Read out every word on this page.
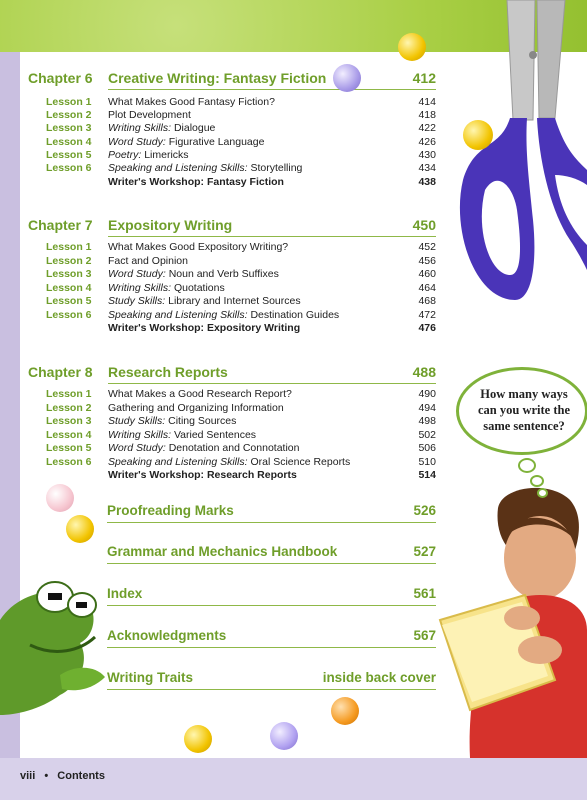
Chapter 6 Creative Writing: Fantasy Fiction	412
Lesson 1 What Makes Good Fantasy Fiction?	414
Lesson 2 Plot Development	418
Lesson 3 Writing Skills: Dialogue	422
Lesson 4 Word Study: Figurative Language	426
Lesson 5 Poetry: Limericks	430
Lesson 6 Speaking and Listening Skills: Storytelling	434
Writer's Workshop: Fantasy Fiction	438
Chapter 7 Expository Writing	450
Lesson 1 What Makes Good Expository Writing?	452
Lesson 2 Fact and Opinion	456
Lesson 3 Word Study: Noun and Verb Suffixes	460
Lesson 4 Writing Skills: Quotations	464
Lesson 5 Study Skills: Library and Internet Sources	468
Lesson 6 Speaking and Listening Skills: Destination Guides	472
Writer's Workshop: Expository Writing	476
Chapter 8 Research Reports	488
Lesson 1 What Makes a Good Research Report?	490
Lesson 2 Gathering and Organizing Information	494
Lesson 3 Study Skills: Citing Sources	498
Lesson 4 Writing Skills: Varied Sentences	502
Lesson 5 Word Study: Denotation and Connotation	506
Lesson 6 Speaking and Listening Skills: Oral Science Reports	510
Writer's Workshop: Research Reports	514
Proofreading Marks	526
Grammar and Mechanics Handbook	527
Index	561
Acknowledgments	567
Writing Traits	inside back cover
How many ways
can you write the
same sentence?
viii • Contents
